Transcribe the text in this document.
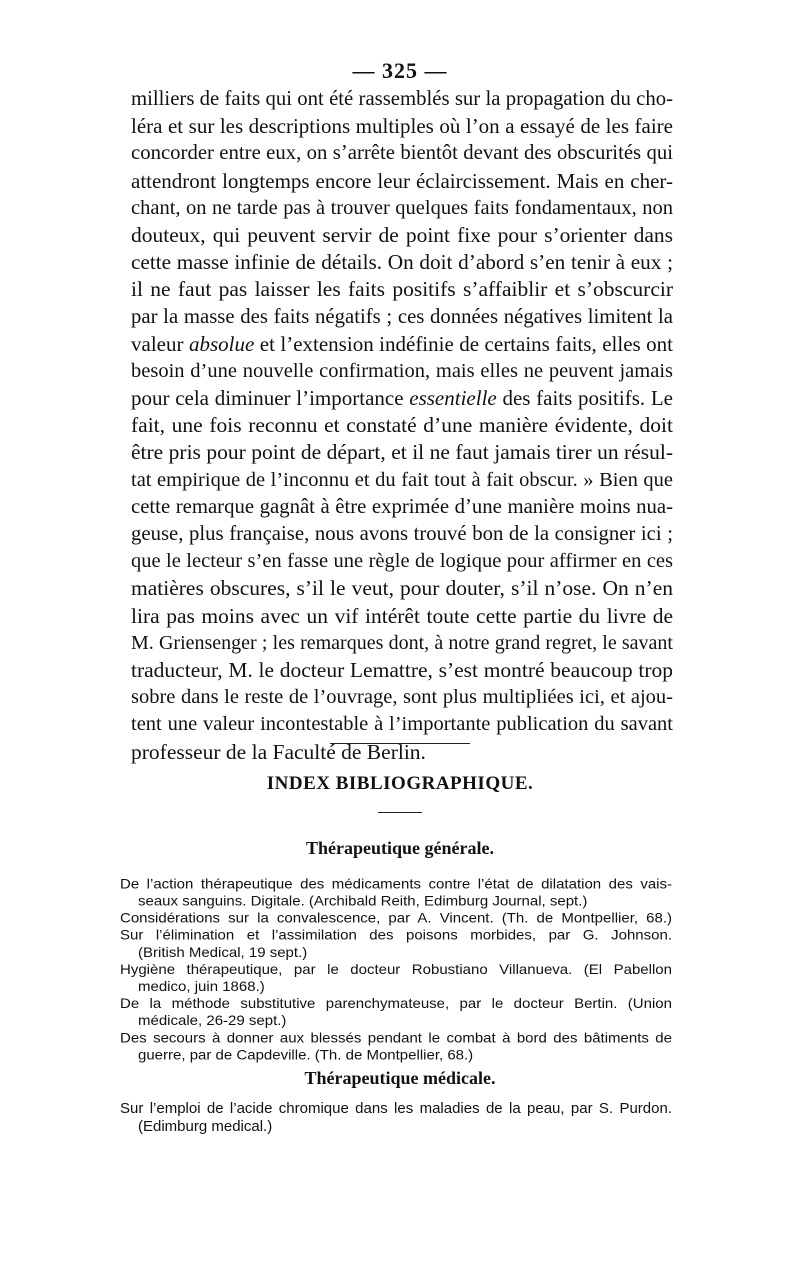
— 325 —
milliers de faits qui ont été rassemblés sur la propagation du cho-
léra et sur les descriptions multiples où l’on a essayé de les faire
concorder entre eux, on s’arrête bientôt devant des obscurités qui
attendront longtemps encore leur éclaircissement. Mais en cher-
chant, on ne tarde pas à trouver quelques faits fondamentaux, non
douteux, qui peuvent servir de point fixe pour s’orienter dans
cette masse infinie de détails. On doit d’abord s’en tenir à eux ;
il ne faut pas laisser les faits positifs s’affaiblir et s’obscurcir
par la masse des faits négatifs ; ces données négatives limitent la
valeur absolue et l’extension indéfinie de certains faits, elles ont
besoin d’une nouvelle confirmation, mais elles ne peuvent jamais
pour cela diminuer l’importance essentielle des faits positifs. Le
fait, une fois reconnu et constaté d’une manière évidente, doit
être pris pour point de départ, et il ne faut jamais tirer un résul-
tat empirique de l’inconnu et du fait tout à fait obscur. » Bien que
cette remarque gagnât à être exprimée d’une manière moins nua-
geuse, plus française, nous avons trouvé bon de la consigner ici ;
que le lecteur s’en fasse une règle de logique pour affirmer en ces
matières obscures, s’il le veut, pour douter, s’il n’ose. On n’en
lira pas moins avec un vif intérêt toute cette partie du livre de
M. Griensenger ; les remarques dont, à notre grand regret, le savant
traducteur, M. le docteur Lemattre, s’est montré beaucoup trop
sobre dans le reste de l’ouvrage, sont plus multipliées ici, et ajou-
tent une valeur incontestable à l’importante publication du savant
professeur de la Faculté de Berlin.
INDEX BIBLIOGRAPHIQUE.
Thérapeutique générale.
De l’action thérapeutique des médicaments contre l’état de dilatation des vais-
seaux sanguins. Digitale. (Archibald Reith, Edimburg Journal, sept.)
Considérations sur la convalescence, par A. Vincent. (Th. de Montpellier, 68.)
Sur l’élimination et l’assimilation des poisons morbides, par G. Johnson.
(British Medical, 19 sept.)
Hygiène thérapeutique, par le docteur Robustiano Villanueva. (El Pabellon
medico, juin 1868.)
De la méthode substitutive parenchymateuse, par le docteur Bertin. (Union
médicale, 26-29 sept.)
Des secours à donner aux blessés pendant le combat à bord des bâtiments de
guerre, par de Capdeville. (Th. de Montpellier, 68.)
Thérapeutique médicale.
Sur l’emploi de l’acide chromique dans les maladies de la peau, par S. Purdon.
(Edimburg medical.)
